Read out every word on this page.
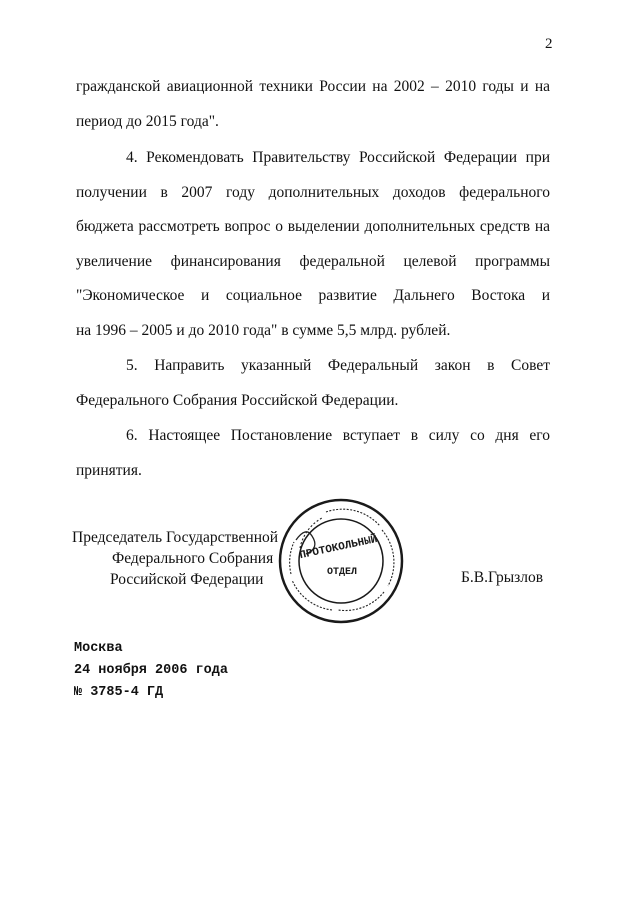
2
гражданской авиационной техники России на 2002 – 2010 годы и на
период до 2015 года".
4. Рекомендовать Правительству Российской Федерации при
получении в 2007 году дополнительных доходов федерального
бюджета рассмотреть вопрос о выделении дополнительных средств на
увеличение финансирования федеральной целевой программы
"Экономическое и социальное развитие Дальнего Востока и
на 1996 – 2005 и до 2010 года" в сумме 5,5 млрд. рублей.
5. Направить указанный Федеральный закон в Совет
Федерального Собрания Российской Федерации.
6. Настоящее Постановление вступает в силу со дня его
принятия.
Председатель Государственной
Федерального Собрания
Российской Федерации
ПРОТОКОЛЬНЫЙ
ОТДЕЛ	Б.В.Грызлов
Москва
24 ноября 2006 года
№ 3785-4 ГД
